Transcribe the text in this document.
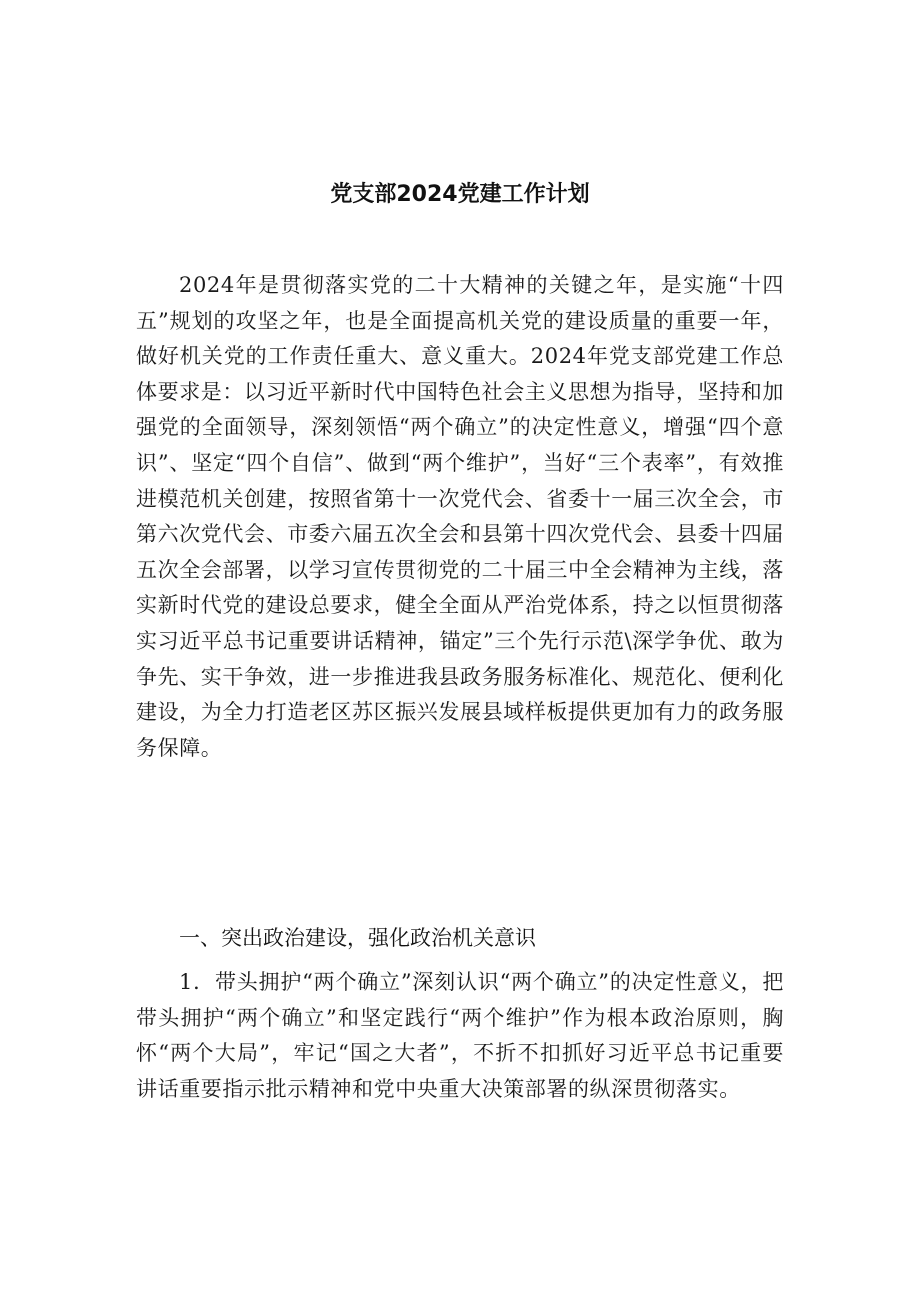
党支部2024党建工作计划

2024年是贯彻落实党的二十大精神的关键之年，是实施“十四五”规划的攻坚之年，也是全面提高机关党的建设质量的重要一年，做好机关党的工作责任重大、意义重大。2024年党支部党建工作总体要求是：以习近平新时代中国特色社会主义思想为指导，坚持和加强党的全面领导，深刻领悟“两个确立”的决定性意义，增强“四个意识”、坚定“四个自信”、做到“两个维护”，当好“三个表率”，有效推进模范机关创建，按照省第十一次党代会、省委十一届三次全会，市第六次党代会、市委六届五次全会和县第十四次党代会、县委十四届五次全会部署，以学习宣传贯彻党的二十届三中全会精神为主线，落实新时代党的建设总要求，健全全面从严治党体系，持之以恒贯彻落实习近平总书记重要讲话精神，锚定”三个先行示范\深学争优、敢为争先、实干争效，进一步推进我县政务服务标准化、规范化、便利化建设，为全力打造老区苏区振兴发展县域样板提供更加有力的政务服务保障。

一、突出政治建设，强化政治机关意识

1．带头拥护“两个确立”深刻认识“两个确立”的决定性意义，把带头拥护“两个确立”和坚定践行“两个维护”作为根本政治原则，胸怀“两个大局”，牢记“国之大者”，不折不扣抓好习近平总书记重要讲话重要指示批示精神和党中央重大决策部署的纵深贯彻落实。
